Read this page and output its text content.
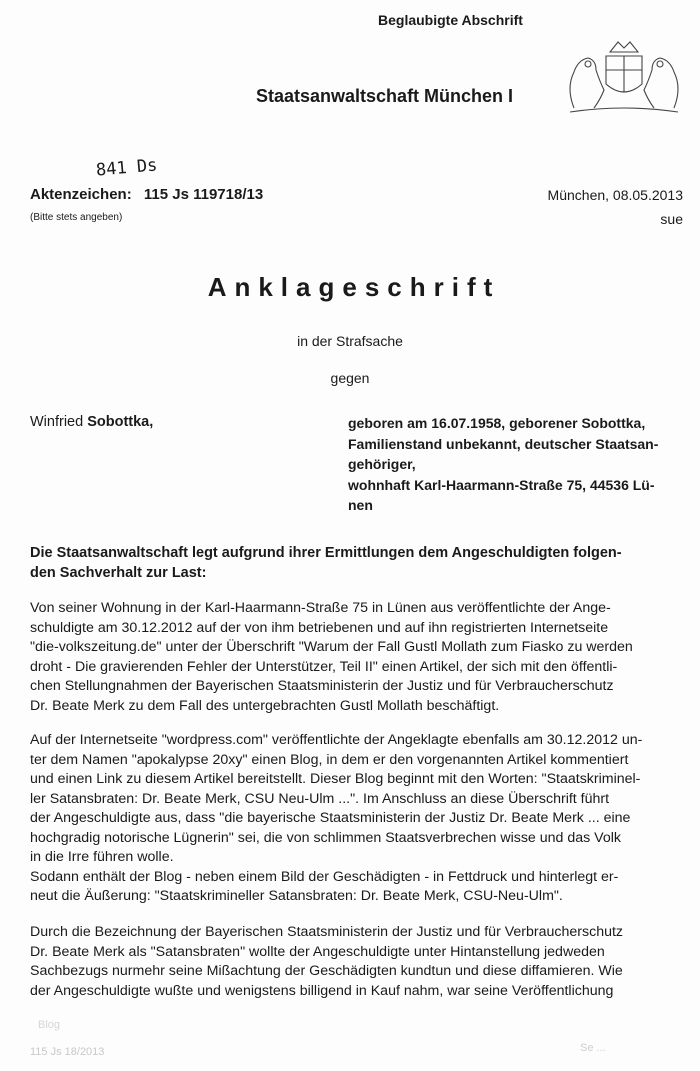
Beglaubigte Abschrift
Staatsanwaltschaft München I
841 Ds
Aktenzeichen: 115 Js 119718/13
(Bitte stets angeben)
München, 08.05.2013
sue
Anklageschrift
in der Strafsache
gegen
Winfried Sobottka,	geboren am 16.07.1958, geborener Sobottka,
Familienstand unbekannt, deutscher Staatsan-
gehöriger,
wohnhaft Karl-Haarmann-Straße 75, 44536 Lü-
nen
Die Staatsanwaltschaft legt aufgrund ihrer Ermittlungen dem Angeschuldigten folgen-
den Sachverhalt zur Last:
Von seiner Wohnung in der Karl-Haarmann-Straße 75 in Lünen aus veröffentlichte der Ange-
schuldigte am 30.12.2012 auf der von ihm betriebenen und auf ihn registrierten Internetseite
"die-volkszeitung.de" unter der Überschrift "Warum der Fall Gustl Mollath zum Fiasko zu werden
droht - Die gravierenden Fehler der Unterstützer, Teil II" einen Artikel, der sich mit den öffentli-
chen Stellungnahmen der Bayerischen Staatsministerin der Justiz und für Verbraucherschutz
Dr. Beate Merk zu dem Fall des untergebrachten Gustl Mollath beschäftigt.
Auf der Internetseite "wordpress.com" veröffentlichte der Angeklagte ebenfalls am 30.12.2012 un-
ter dem Namen "apokalypse 20xy" einen Blog, in dem er den vorgenannten Artikel kommentiert
und einen Link zu diesem Artikel bereitstellt. Dieser Blog beginnt mit den Worten: "Staatskriminel-
ler Satansbraten: Dr. Beate Merk, CSU Neu-Ulm ...". Im Anschluss an diese Überschrift führt
der Angeschuldigte aus, dass "die bayerische Staatsministerin der Justiz Dr. Beate Merk ... eine
hochgradig notorische Lügnerin" sei, die von schlimmen Staatsverbrechen wisse und das Volk
in die Irre führen wolle.
Sodann enthält der Blog - neben einem Bild der Geschädigten - in Fettdruck und hinterlegt er-
neut die Äußerung: "Staatskrimineller Satansbraten: Dr. Beate Merk, CSU-Neu-Ulm".
Durch die Bezeichnung der Bayerischen Staatsministerin der Justiz und für Verbraucherschutz
Dr. Beate Merk als "Satansbraten" wollte der Angeschuldigte unter Hintanstellung jedweden
Sachbezugs nurmehr seine Mißachtung der Geschädigten kundtun und diese diffamieren. Wie
der Angeschuldigte wußte und wenigstens billigend in Kauf nahm, war seine Veröffentlichung
Blog
115 Js 18/2013	Se ...
